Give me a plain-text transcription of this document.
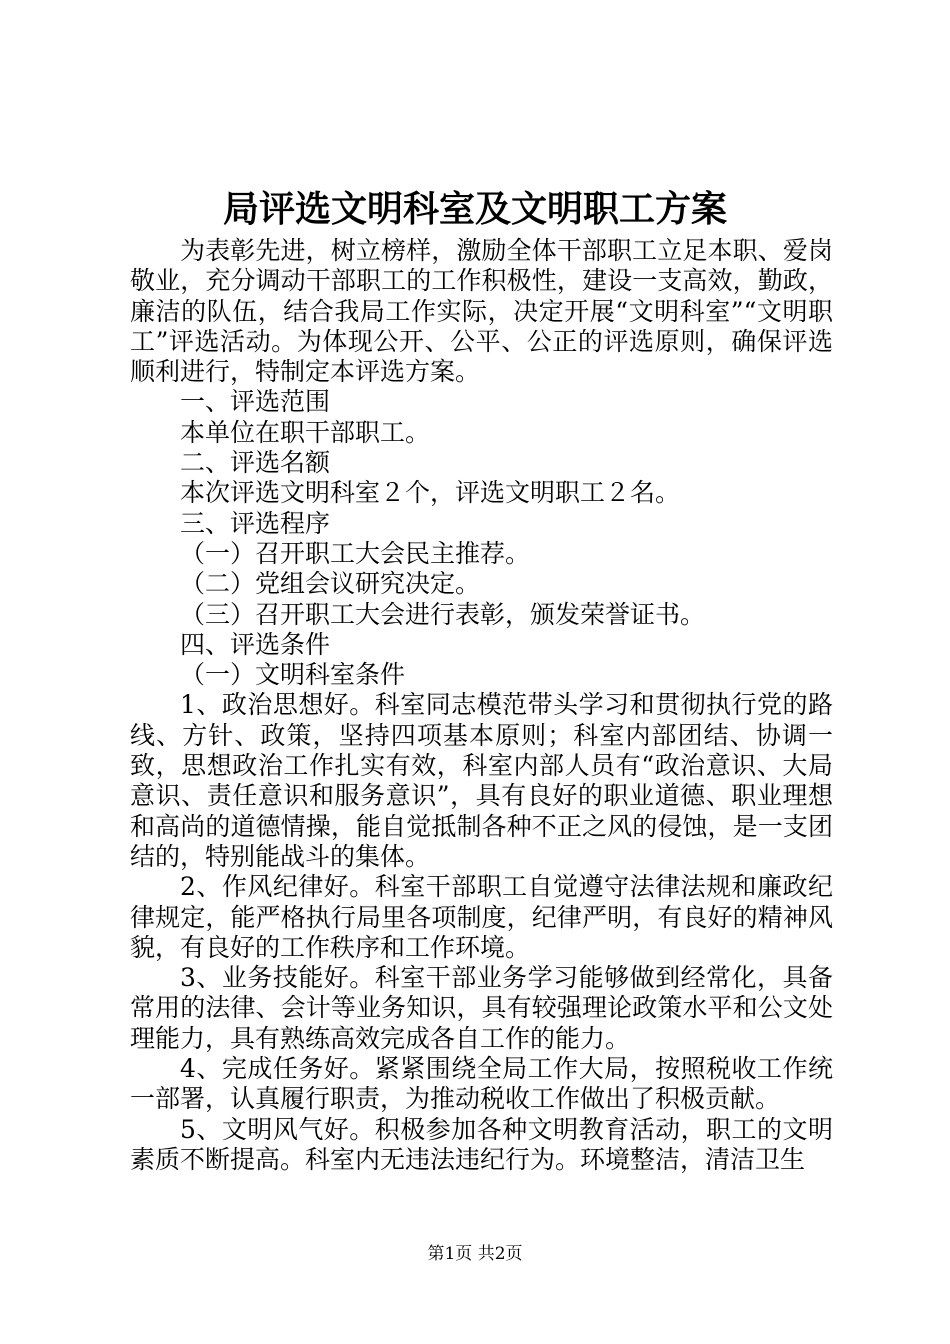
局评选文明科室及文明职工方案

为表彰先进，树立榜样，激励全体干部职工立足本职、爱岗敬业，充分调动干部职工的工作积极性，建设一支高效，勤政，廉洁的队伍，结合我局工作实际，决定开展“文明科室”“文明职工”评选活动。为体现公开、公平、公正的评选原则，确保评选顺利进行，特制定本评选方案。

一、评选范围

本单位在职干部职工。

二、评选名额

本次评选文明科室２个，评选文明职工２名。

三、评选程序

（一）召开职工大会民主推荐。

（二）党组会议研究决定。

（三）召开职工大会进行表彰，颁发荣誉证书。

四、评选条件

（一）文明科室条件

1、政治思想好。科室同志模范带头学习和贯彻执行党的路线、方针、政策，坚持四项基本原则；科室内部团结、协调一致，思想政治工作扎实有效，科室内部人员有“政治意识、大局意识、责任意识和服务意识”，具有良好的职业道德、职业理想和高尚的道德情操，能自觉抵制各种不正之风的侵蚀，是一支团结的，特别能战斗的集体。

2、作风纪律好。科室干部职工自觉遵守法律法规和廉政纪律规定，能严格执行局里各项制度，纪律严明，有良好的精神风貌，有良好的工作秩序和工作环境。

3、业务技能好。科室干部业务学习能够做到经常化，具备常用的法律、会计等业务知识，具有较强理论政策水平和公文处理能力，具有熟练高效完成各自工作的能力。

4、完成任务好。紧紧围绕全局工作大局，按照税收工作统一部署，认真履行职责，为推动税收工作做出了积极贡献。

5、文明风气好。积极参加各种文明教育活动，职工的文明素质不断提高。科室内无违法违纪行为。环境整洁，清洁卫生

第1页 共2页
